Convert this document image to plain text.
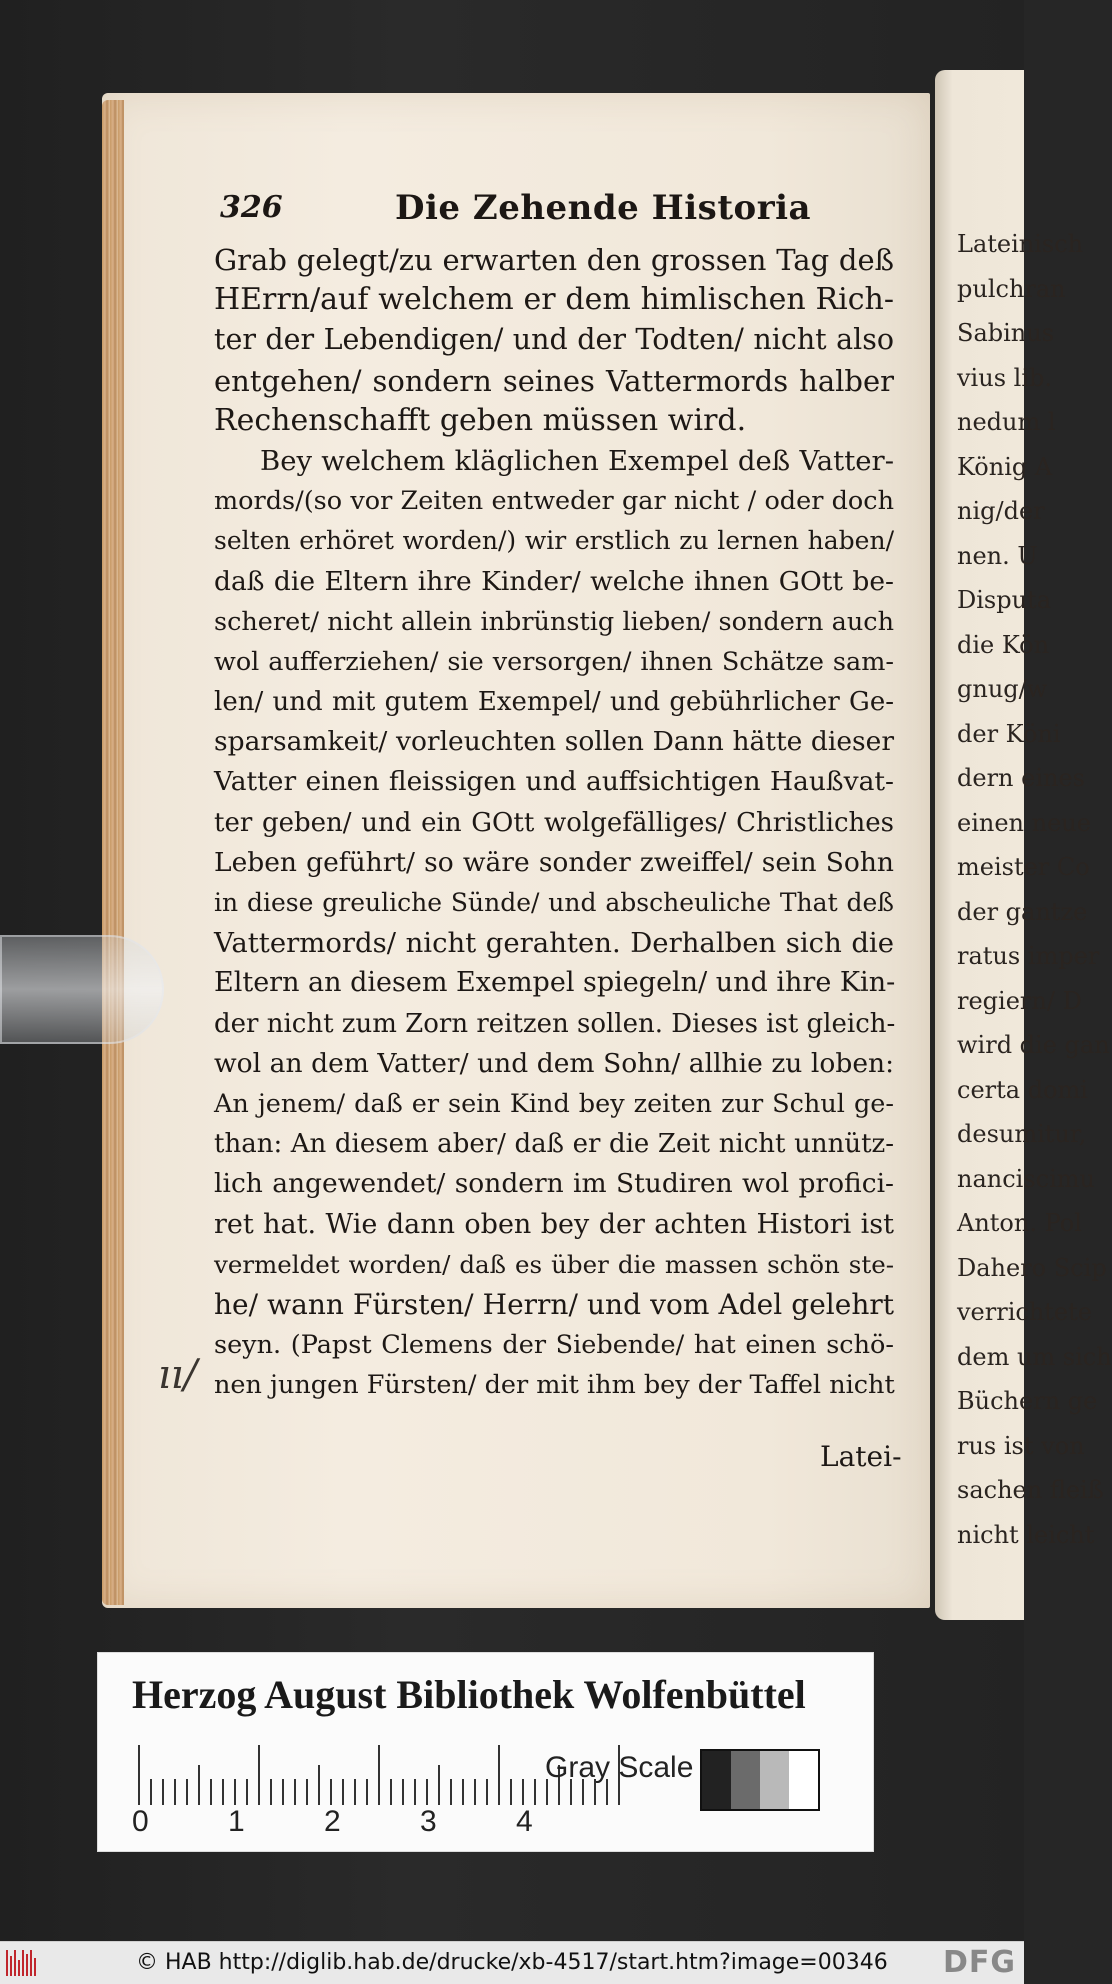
Lateinisch
pulchran
Sabinus
vius lib.
nedum l
König A
nig/der
nen. U
Disputa
die Kön
gnug/w
der Köni
dern eines
einen neue
meister Co
der gantze
ratus imper
regiern/ D
wird die gan
certa domi
desumitur,
nanciscimu
Anton. Pol
Dahero Scip
verrichtete
dem um sich
Büchern ge
rus ist von
sachen fleiß
nicht leicht
326	Die Zehende Historia
Grab gelegt/zu erwarten den grossen Tag deß
HErrn/auf welchem er dem himlischen Rich-
ter der Lebendigen/ und der Todten/ nicht also
entgehen/ sondern seines Vattermords halber
Rechenschafft geben müssen wird.
Bey welchem kläglichen Exempel deß Vatter-
mords/(so vor Zeiten entweder gar nicht / oder doch
selten erhöret worden/) wir erstlich zu lernen haben/
daß die Eltern ihre Kinder/ welche ihnen GOtt be-
scheret/ nicht allein inbrünstig lieben/ sondern auch
wol aufferziehen/ sie versorgen/ ihnen Schätze sam-
len/ und mit gutem Exempel/ und gebührlicher Ge-
sparsamkeit/ vorleuchten sollen Dann hätte dieser
Vatter einen fleissigen und auffsichtigen Haußvat-
ter geben/ und ein GOtt wolgefälliges/ Christliches
Leben geführt/ so wäre sonder zweiffel/ sein Sohn
in diese greuliche Sünde/ und abscheuliche That deß
Vattermords/ nicht gerahten. Derhalben sich die
Eltern an diesem Exempel spiegeln/ und ihre Kin-
der nicht zum Zorn reitzen sollen. Dieses ist gleich-
wol an dem Vatter/ und dem Sohn/ allhie zu loben:
An jenem/ daß er sein Kind bey zeiten zur Schul ge-
than: An diesem aber/ daß er die Zeit nicht unnütz-
lich angewendet/ sondern im Studiren wol profici-
ret hat. Wie dann oben bey der achten Histori ist
vermeldet worden/ daß es über die massen schön ste-
he/ wann Fürsten/ Herrn/ und vom Adel gelehrt
seyn. (Papst Clemens der Siebende/ hat einen schö-
nen jungen Fürsten/ der mit ihm bey der Taffel nicht
ıı/
Latei-
Herzog August Bibliothek Wolfenbüttel
0	1	2	3	4
Gray Scale
© HAB http://diglib.hab.de/drucke/xb-4517/start.htm?image=00346 DFG
